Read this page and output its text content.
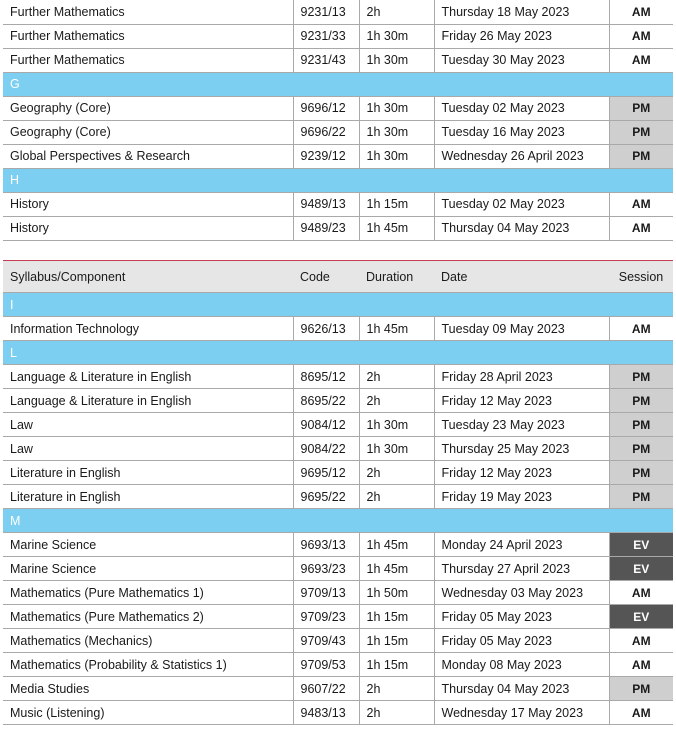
Further Mathematics	9231/13	2h	Thursday 18 May 2023	AM
Further Mathematics	9231/33	1h 30m	Friday 26 May 2023	AM
Further Mathematics	9231/43	1h 30m	Tuesday 30 May 2023	AM
G				
Geography (Core)	9696/12	1h 30m	Tuesday 02 May 2023	PM
Geography (Core)	9696/22	1h 30m	Tuesday 16 May 2023	PM
Global Perspectives & Research	9239/12	1h 30m	Wednesday 26 April 2023	PM
H				
History	9489/13	1h 15m	Tuesday 02 May 2023	AM
History	9489/23	1h 45m	Thursday 04 May 2023	AM
Syllabus/Component	Code	Duration	Date	Session
I				
Information Technology	9626/13	1h 45m	Tuesday 09 May 2023	AM
L				
Language & Literature in English	8695/12	2h	Friday 28 April 2023	PM
Language & Literature in English	8695/22	2h	Friday 12 May 2023	PM
Law	9084/12	1h 30m	Tuesday 23 May 2023	PM
Law	9084/22	1h 30m	Thursday 25 May 2023	PM
Literature in English	9695/12	2h	Friday 12 May 2023	PM
Literature in English	9695/22	2h	Friday 19 May 2023	PM
M				
Marine Science	9693/13	1h 45m	Monday 24 April 2023	EV
Marine Science	9693/23	1h 45m	Thursday 27 April 2023	EV
Mathematics (Pure Mathematics 1)	9709/13	1h 50m	Wednesday 03 May 2023	AM
Mathematics (Pure Mathematics 2)	9709/23	1h 15m	Friday 05 May 2023	EV
Mathematics (Mechanics)	9709/43	1h 15m	Friday 05 May 2023	AM
Mathematics (Probability & Statistics 1)	9709/53	1h 15m	Monday 08 May 2023	AM
Media Studies	9607/22	2h	Thursday 04 May 2023	PM
Music (Listening)	9483/13	2h	Wednesday 17 May 2023	AM
